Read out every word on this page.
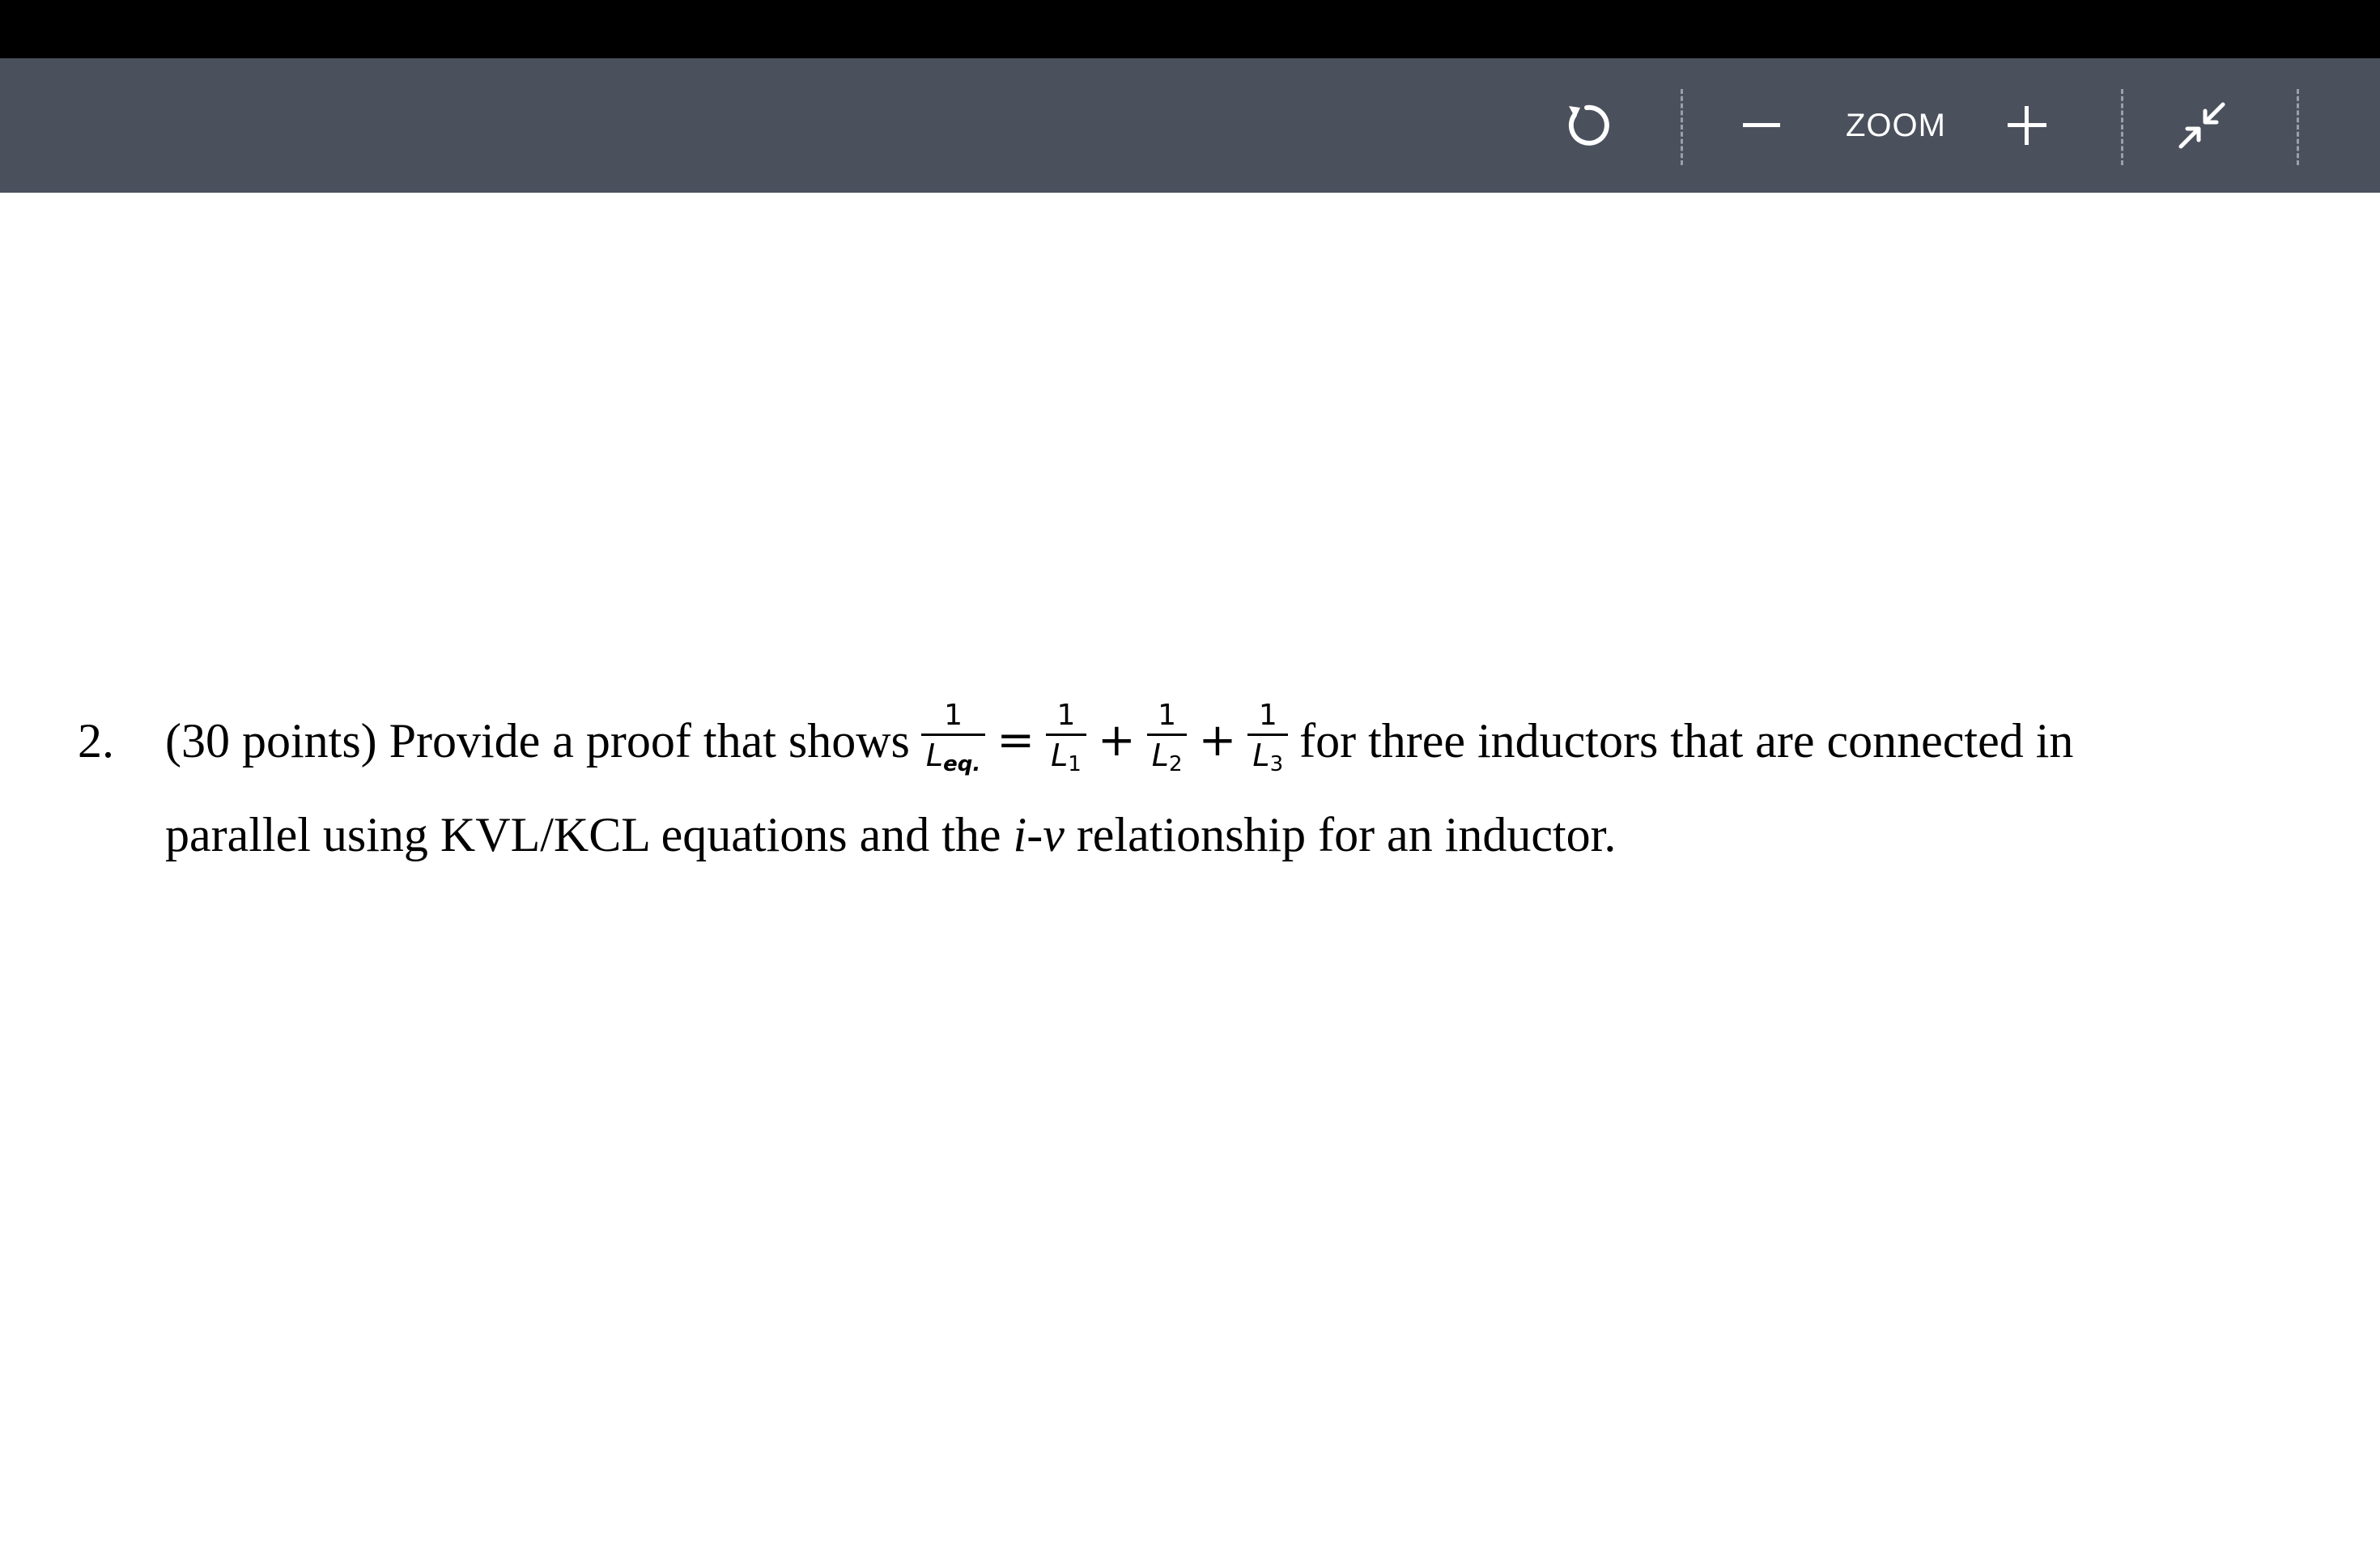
ZOOM
2. (30 points) Provide a proof that shows $\frac{1}{L_{eq.}} = \frac{1}{L_1} + \frac{1}{L_2} + \frac{1}{L_3}$ for three inductors that are connected in
parallel using KVL/KCL equations and the i-v relationship for an inductor.
